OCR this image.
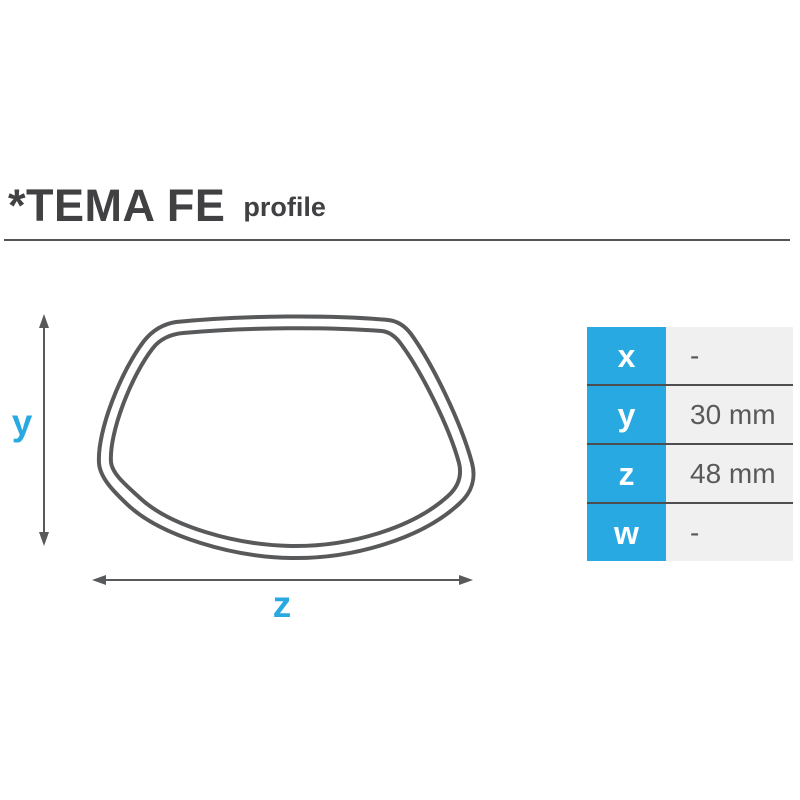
*TEMA FE profile
y
z
x	-
y	30 mm
z	48 mm
w	-
